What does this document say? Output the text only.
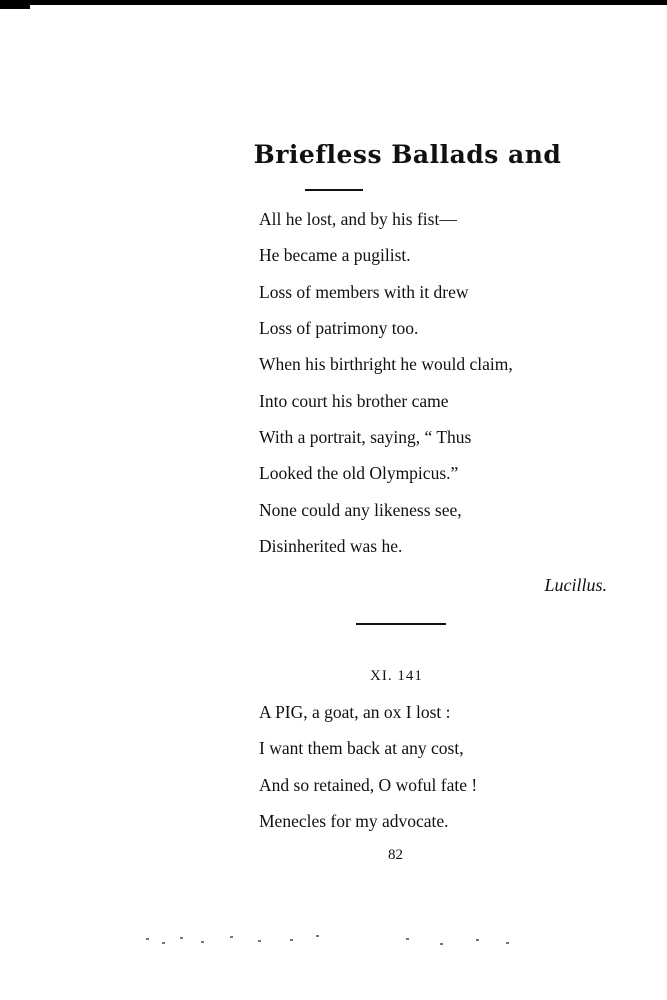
Briefless Ballads and
All he lost, and by his fist—
He became a pugilist.
Loss of members with it drew
Loss of patrimony too.
When his birthright he would claim,
Into court his brother came
With a portrait, saying, “ Thus
Looked the old Olympicus.”
None could any likeness see,
Disinherited was he.
Lucillus.
XI. 141
A PIG, a goat, an ox I lost :
I want them back at any cost,
And so retained, O woful fate !
Menecles for my advocate.
82
